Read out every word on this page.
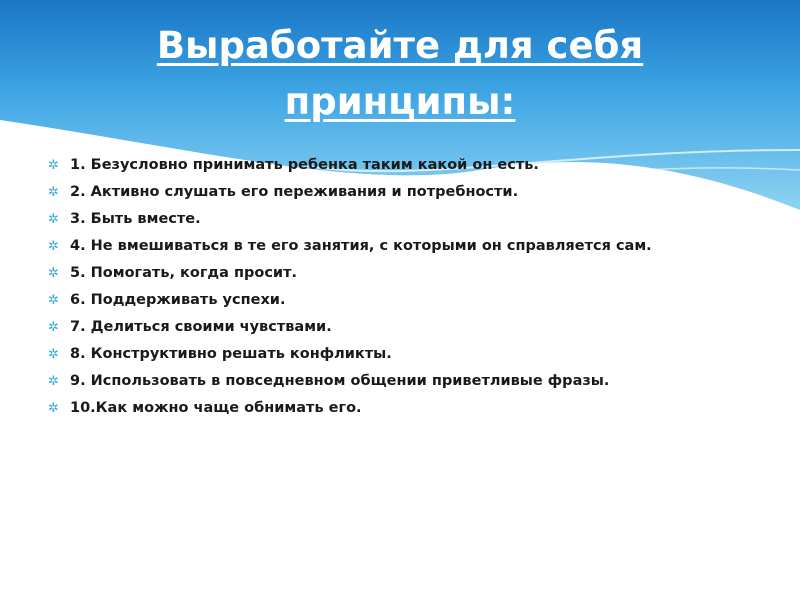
Выработайте для себя принципы:
✲ 1. Безусловно принимать ребенка таким какой он есть.
✲ 2. Активно слушать его переживания и потребности.
✲ 3. Быть вместе.
✲ 4. Не вмешиваться в те его занятия, с которыми он справляется сам.
✲ 5. Помогать, когда просит.
✲ 6. Поддерживать успехи.
✲ 7. Делиться своими чувствами.
✲ 8. Конструктивно решать конфликты.
✲ 9. Использовать в повседневном общении приветливые фразы.
✲ 10.Как можно чаще обнимать его.
